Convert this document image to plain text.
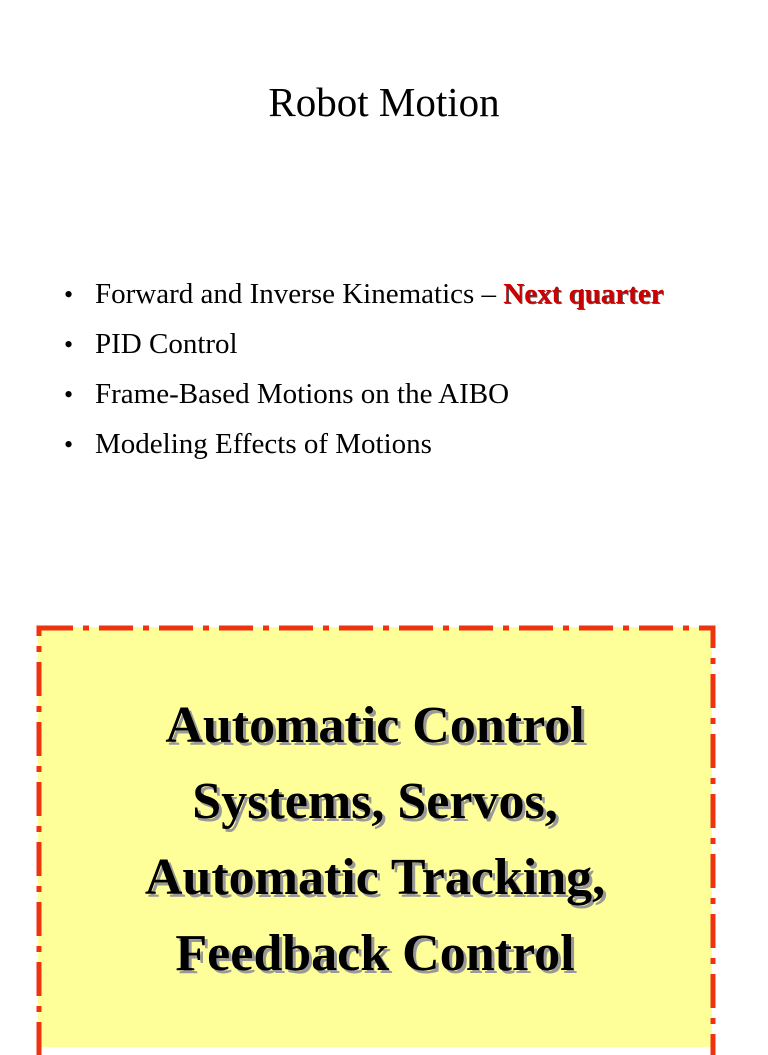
Robot Motion
• Forward and Inverse Kinematics – Next quarter
• PID Control
• Frame-Based Motions on the AIBO
• Modeling Effects of Motions
Automatic Control
Systems, Servos,
Automatic Tracking,
Feedback Control
